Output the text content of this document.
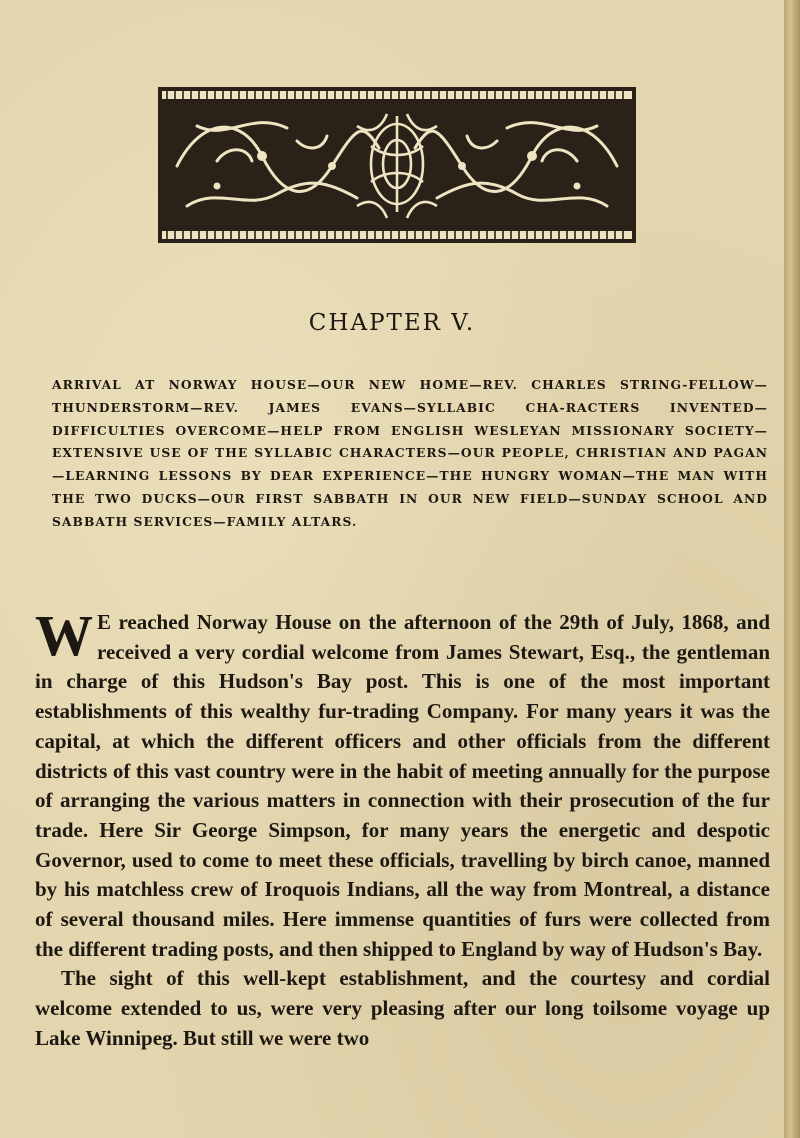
CHAPTER V.

ARRIVAL AT NORWAY HOUSE—OUR NEW HOME—REV. CHARLES STRING-FELLOW—THUNDERSTORM—REV. JAMES EVANS—SYLLABIC CHA-RACTERS INVENTED—DIFFICULTIES OVERCOME—HELP FROM ENGLISH WESLEYAN MISSIONARY SOCIETY—EXTENSIVE USE OF THE SYLLABIC CHARACTERS—OUR PEOPLE, CHRISTIAN AND PAGAN—LEARNING LESSONS BY DEAR EXPERIENCE—THE HUNGRY WOMAN—THE MAN WITH THE TWO DUCKS—OUR FIRST SABBATH IN OUR NEW FIELD—SUNDAY SCHOOL AND SABBATH SERVICES—FAMILY ALTARS.

W E reached Norway House on the afternoon of the 29th of July, 1868, and received a very cordial welcome from James Stewart, Esq., the gentleman in charge of this Hudson's Bay post. This is one of the most important establishments of this wealthy fur-trading Company. For many years it was the capital, at which the different officers and other officials from the different districts of this vast country were in the habit of meeting annually for the purpose of arranging the various matters in connection with their prosecution of the fur trade. Here Sir George Simpson, for many years the energetic and despotic Governor, used to come to meet these officials, travelling by birch canoe, manned by his matchless crew of Iroquois Indians, all the way from Montreal, a distance of several thousand miles. Here immense quantities of furs were collected from the different trading posts, and then shipped to England by way of Hudson's Bay.

The sight of this well-kept establishment, and the courtesy and cordial welcome extended to us, were very pleasing after our long toilsome voyage up Lake Winnipeg. But still we were two
